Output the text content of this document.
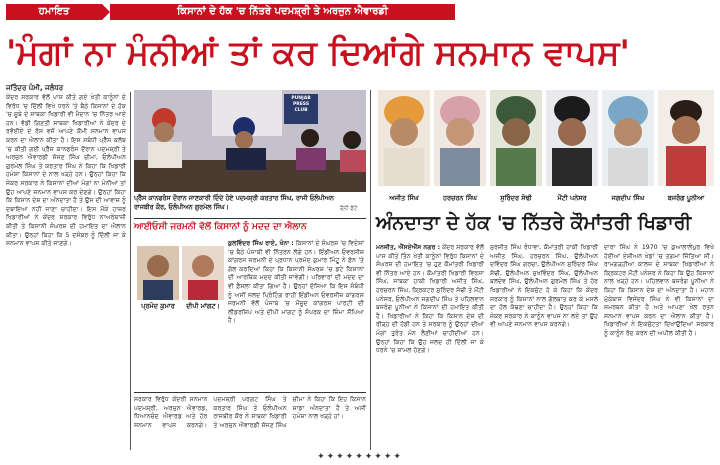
ਹਮਾਇਤ	ਕਿਸਾਨਾਂ ਦੇ ਹੱਕ 'ਚ ਨਿੱਤਰੇ ਪਦਮਸ਼੍ਰੀ ਤੇ ਅਰਜੁਨ ਐਵਾਰਡੀ
'ਮੰਗਾਂ ਨਾ ਮੰਨੀਆਂ ਤਾਂ ਕਰ ਦਿਆਂਗੇ ਸਨਮਾਨ ਵਾਪਸ'
ਜਤਿੰਦਰ ਪੰਮੀ, ਜਲੰਧਰ

ਕੇਂਦਰ ਸਰਕਾਰ ਵੱਲੋਂ ਪਾਸ ਕੀਤੇ ਗਏ ਖੇਤੀ ਕਾਨੂੰਨਾਂ ਦੇ ਵਿਰੋਧ 'ਚ ਦਿੱਲੀ ਵਿਖੇ ਧਰਨੇ 'ਤੇ ਬੈਠੇ ਕਿਸਾਨਾਂ ਦੇ ਹੱਕ 'ਚ ਸੂਬੇ ਦੇ ਸਾਬਕਾ ਖਿਡਾਰੀ ਵੀ ਮੈਦਾਨ 'ਚ ਨਿੱਤਰ ਆਏ ਹਨ। ਵੱਡੀ ਗਿਣਤੀ ਸਾਬਕਾ ਖਿਡਾਰੀਆਂ ਨੇ ਕੇਂਦਰ ਦੇ ਰਵੱਈਏ ਦੇ ਰੋਸ ਵਜੋਂ ਆਪਣੇ ਕੌਮੀ ਸਨਮਾਨ ਵਾਪਸ ਕਰਨ ਦਾ ਐਲਾਨ ਕੀਤਾ ਹੈ। ਇਸ ਸਬੰਧੀ ਪ੍ਰੈੱਸ ਕਲੱਬ 'ਚ ਕੀਤੀ ਗਈ ਪ੍ਰੈੱਸ ਕਾਨਫਰੰਸ ਦੌਰਾਨ ਪਦਮਸ਼੍ਰੀ ਤੇ ਅਰਜੁਨ ਐਵਾਰਡੀ ਸੱਜਣ ਸਿੰਘ ਚੀਮਾ, ਓਲੰਪੀਅਨ ਗੁਰਮੇਲ ਸਿੰਘ ਤੇ ਕਰਤਾਰ ਸਿੰਘ ਨੇ ਕਿਹਾ ਕਿ ਖਿਡਾਰੀ ਹਮੇਸ਼ਾ ਕਿਸਾਨਾਂ ਦੇ ਨਾਲ ਖੜ੍ਹੇ ਹਨ। ਉਨ੍ਹਾਂ ਕਿਹਾ ਕਿ ਜੇਕਰ ਸਰਕਾਰ ਨੇ ਕਿਸਾਨਾਂ ਦੀਆਂ ਮੰਗਾਂ ਨਾ ਮੰਨੀਆਂ ਤਾਂ ਉਹ ਆਪਣੇ ਸਨਮਾਨ ਵਾਪਸ ਕਰ ਦੇਣਗੇ। ਉਨ੍ਹਾਂ ਕਿਹਾ ਕਿ ਕਿਸਾਨ ਦੇਸ਼ ਦਾ ਅੰਨਦਾਤਾ ਹੈ ਤੇ ਉਸ ਦੀ ਆਵਾਜ਼ ਨੂੰ ਦਬਾਇਆ ਨਹੀਂ ਜਾਣਾ ਚਾਹੀਦਾ। ਇਸ ਮੌਕੇ ਹਾਜ਼ਰ ਖਿਡਾਰੀਆਂ ਨੇ ਕੇਂਦਰ ਸਰਕਾਰ ਵਿਰੁੱਧ ਨਾਅਰੇਬਾਜ਼ੀ ਕੀਤੀ ਤੇ ਕਿਸਾਨੀ ਸੰਘਰਸ਼ ਦੀ ਹਮਾਇਤ ਦਾ ਐਲਾਨ ਕੀਤਾ। ਉਨ੍ਹਾਂ ਕਿਹਾ ਕਿ 5 ਦਸੰਬਰ ਨੂੰ ਦਿੱਲੀ ਜਾ ਕੇ ਸਨਮਾਨ ਵਾਪਸ ਕੀਤੇ ਜਾਣਗੇ।

PUNJAB PRESS CLUB
ਪ੍ਰੈੱਸ ਕਾਨਫਰੰਸ ਦੌਰਾਨ ਜਾਣਕਾਰੀ ਦਿੰਦੇ ਹੋਏ ਪਦਮਸ਼੍ਰੀ ਕਰਤਾਰ ਸਿੰਘ, ਰਾਜੀ ਓਲੰਪੀਅਨ ਰਾਜਬੀਰ ਕੌਰ, ਓਲੰਪੀਅਨ ਗੁਰਮੇਲ ਸਿੰਘ।	ਰੌਨੀ ਫੋਟੋ
ਆਈਓਸੀ ਜਰਮਨੀ ਵੱਲੋਂ ਕਿਸਾਨਾਂ ਨੂੰ ਮਦਦ ਦਾ ਐਲਾਨ
ਪ੍ਰਮੋਦ ਕੁਮਾਰ	ਦੀਪੀ ਮਾਂਗਟ।

ਕੁਲਵਿੰਦਰ ਸਿੰਘ ਰਾਏ, ਖੰਨਾ : ਕਿਸਾਨਾਂ ਦੇ ਸੰਘਰਸ਼ 'ਚ ਵਿਦੇਸ਼ਾਂ 'ਚ ਬੈਠੇ ਪੰਜਾਬੀ ਵੀ ਨਿੱਤਰਨ ਲੱਗੇ ਹਨ। ਇੰਡੀਅਨ ਓਵਰਸੀਜ਼ ਕਾਂਗਰਸ ਜਰਮਨੀ ਦੇ ਪ੍ਰਧਾਨ ਪ੍ਰਮੋਦ ਕੁਮਾਰ ਮਿੰਟੂ ਨੇ ਫ਼ੋਨ 'ਤੇ ਗੱਲ ਕਰਦਿਆਂ ਕਿਹਾ ਕਿ ਕਿਸਾਨੀ ਸੰਘਰਸ਼ 'ਚ ਡਟੇ ਕਿਸਾਨਾਂ ਦੀ ਆਰਥਿਕ ਮਦਦ ਕੀਤੀ ਜਾਵੇਗੀ। ਪਰਿਵਾਰਾਂ ਦੀ ਮਦਦ ਦਾ ਵੀ ਫ਼ੈਸਲਾ ਕੀਤਾ ਗਿਆ ਹੈ। ਉਨ੍ਹਾਂ ਦੱਸਿਆ ਕਿ ਇਸ ਸੰਬੰਧੀ ਨੂੰ ਅਸੀਂ ਜਲਦ ਪ੍ਰਿੰਟਿੰਗ ਰਾਹੀਂ ਇੰਡੀਅਨ ਓਵਰਸੀਜ਼ ਕਾਂਗਰਸ ਜਰਮਨੀ ਵੱਲੋਂ ਪੰਜਾਬ 'ਚ ਮੌਜੂਦ ਕਾਂਗਰਸ ਪਾਰਟੀ ਦੀ ਲੀਡਰਸ਼ਿਪ ਅਤੇ ਦੀਪੀ ਮਾਂਗਟ ਨੂੰ ਸੰਪਰਕ ਦਾ ਜ਼ਿੰਮਾ ਸੌਂਪਿਆ ਹੈ।

ਸਰਕਾਰ ਵਿਰੁੱਧ ਕੇਂਦਰੀ ਸਨਮਾਨ ਪਦਮਸ਼੍ਰੀ, ਅਰਜੁਨ ਐਵਾਰਡ, ਧਿਆਨਚੰਦ ਐਵਾਰਡ ਅਤੇ ਹੋਰ ਸਨਮਾਨ ਵਾਪਸ ਕਰਨਗੇ। ਪਦਮਸ਼੍ਰੀ ਪਰਗਟ ਸਿੰਘ ਤੇ ਕਰਤਾਰ ਸਿੰਘ ਤੇ ਓਲੰਪੀਅਨ ਰਾਜਬੀਰ ਕੌਰ ਨੇ ਸਾਬਕਾ ਖਿਡਾਰੀ ਤੇ ਅਰਜੁਨ ਐਵਾਰਡੀ ਸੱਜਣ ਸਿੰਘ ਚੀਮਾ ਨੇ ਕਿਹਾ ਕਿ ਇਹ ਕਿਸਾਨ ਸਾਡਾ ਅੰਨਦਾਤਾ ਹੈ ਤੇ ਅਸੀਂ ਹਮੇਸ਼ਾ ਨਾਲ ਖੜ੍ਹੇ ਹਾਂ।

ਅਜੀਤ ਸਿੰਘ	ਹਰਚਰਨ ਸਿੰਘ	ਸੁਰਿੰਦਰ ਸੋਢੀ	ਮੌਂਟੀ ਪਨੇਸਰ	ਜਗਦੀਪ ਸਿੰਘ	ਬਜਰੰਗ ਪੂਨੀਆ
ਅੰਨਦਾਤਾ ਦੇ ਹੱਕ 'ਚ ਨਿੱਤਰੇ ਕੌਮਾਂਤਰੀ ਖਿਡਾਰੀ

ਮਨਜੀਤ, ਐੱਸਏਐੱਸ ਨਗਰ : ਕੇਂਦਰ ਸਰਕਾਰ ਵੱਲੋਂ ਪਾਸ ਕੀਤੇ ਤਿੰਨ ਖੇਤੀ ਕਾਨੂੰਨਾਂ ਵਿਰੁੱਧ ਕਿਸਾਨਾਂ ਦੇ ਸੰਘਰਸ਼ ਦੀ ਹਮਾਇਤ 'ਚ ਹੁਣ ਕੌਮਾਂਤਰੀ ਖਿਡਾਰੀ ਵੀ ਨਿੱਤਰ ਆਏ ਹਨ। ਕੌਮਾਂਤਰੀ ਖਿਡਾਰੀ ਵਿਰਸਾ ਸਿੰਘ, ਸਾਬਕਾ ਹਾਕੀ ਖਿਡਾਰੀ ਅਜੀਤ ਸਿੰਘ, ਹਰਚਰਨ ਸਿੰਘ, ਕ੍ਰਿਕਟਰ ਸੁਰਿੰਦਰ ਸੋਢੀ ਤੇ ਮੌਂਟੀ ਪਨੇਸਰ, ਓਲੰਪੀਅਨ ਜਗਦੀਪ ਸਿੰਘ ਤੇ ਪਹਿਲਵਾਨ ਬਜਰੰਗ ਪੂਨੀਆ ਨੇ ਕਿਸਾਨਾਂ ਦੀ ਹਮਾਇਤ ਕੀਤੀ ਹੈ। ਖਿਡਾਰੀਆਂ ਨੇ ਕਿਹਾ ਕਿ ਕਿਸਾਨ ਦੇਸ਼ ਦੀ ਰੀੜ੍ਹ ਦੀ ਹੱਡੀ ਹਨ ਤੇ ਸਰਕਾਰ ਨੂੰ ਉਨ੍ਹਾਂ ਦੀਆਂ ਮੰਗਾਂ ਤੁਰੰਤ ਮੰਨ ਲੈਣੀਆਂ ਚਾਹੀਦੀਆਂ ਹਨ। ਉਨ੍ਹਾਂ ਕਿਹਾ ਕਿ ਉਹ ਜਲਦ ਹੀ ਦਿੱਲੀ ਜਾ ਕੇ ਧਰਨੇ 'ਚ ਸ਼ਾਮਲ ਹੋਣਗੇ।

ਸੁਰਜੀਤ ਸਿੰਘ ਰੰਧਾਵਾ, ਕੌਮਾਂਤਰੀ ਹਾਕੀ ਖਿਡਾਰੀ ਅਜੀਤ ਸਿੰਘ, ਹਰਚਰਨ ਸਿੰਘ, ਉਲੰਪੀਅਨ ਦਵਿੰਦਰ ਸਿੰਘ ਗਰਚਾ, ਉਲੰਪੀਅਨ ਸੁਰਿੰਦਰ ਸਿੰਘ ਸੋਢੀ, ਉਲੰਪੀਅਨ ਸੁਖਵਿੰਦਰ ਸਿੰਘ, ਉਲੰਪੀਅਨ ਬਲਦੇਵ ਸਿੰਘ, ਉਲੰਪੀਅਨ ਗੁਰਮੇਲ ਸਿੰਘ ਤੇ ਹੋਰ ਖਿਡਾਰੀਆਂ ਨੇ ਇਕਜੁੱਟ ਹੋ ਕੇ ਕਿਹਾ ਕਿ ਕੇਂਦਰ ਸਰਕਾਰ ਨੂੰ ਕਿਸਾਨਾਂ ਨਾਲ ਗੱਲਬਾਤ ਕਰ ਕੇ ਮਸਲੇ ਦਾ ਹੱਲ ਕੱਢਣਾ ਚਾਹੀਦਾ ਹੈ। ਉਨ੍ਹਾਂ ਕਿਹਾ ਕਿ ਜੇਕਰ ਸਰਕਾਰ ਨੇ ਕਾਨੂੰਨ ਵਾਪਸ ਨਾ ਲਏ ਤਾਂ ਉਹ ਵੀ ਆਪਣੇ ਸਨਮਾਨ ਵਾਪਸ ਕਰਨਗੇ।

ਦਾਰਾ ਸਿੰਘ ਨੇ 1970 'ਚ ਕੁਆਲਾਲੰਪੁਰ ਵਿਖੇ ਹੋਈਆਂ ਏਸ਼ੀਅਨ ਖੇਡਾਂ 'ਚ ਤਗ਼ਮਾ ਜਿੱਤਿਆ ਸੀ। ਰਾਮਗੜ੍ਹੀਆ ਕਾਲਜ ਦੇ ਸਾਬਕਾ ਖਿਡਾਰੀਆਂ ਨੇ ਕ੍ਰਿਕਟਰ ਮੌਂਟੀ ਪਨੇਸਰ ਨੇ ਕਿਹਾ ਕਿ ਉਹ ਕਿਸਾਨਾਂ ਨਾਲ ਖੜ੍ਹੇ ਹਨ। ਪਹਿਲਵਾਨ ਬਜਰੰਗ ਪੂਨੀਆ ਨੇ ਕਿਹਾ ਕਿ ਕਿਸਾਨ ਦੇਸ਼ ਦਾ ਅੰਨਦਾਤਾ ਹੈ। ਮਹਾਨ ਮੁੱਕੇਬਾਜ਼ ਵਿਜੇਂਦਰ ਸਿੰਘ ਨੇ ਵੀ ਕਿਸਾਨਾਂ ਦਾ ਸਮਰਥਨ ਕੀਤਾ ਹੈ ਅਤੇ ਆਪਣਾ ਖੇਲ ਰਤਨ ਸਨਮਾਨ ਵਾਪਸ ਕਰਨ ਦਾ ਐਲਾਨ ਕੀਤਾ ਹੈ। ਖਿਡਾਰੀਆਂ ਨੇ ਇਕਜੁੱਟਤਾ ਦਿਖਾਉਂਦਿਆਂ ਸਰਕਾਰ ਨੂੰ ਕਾਨੂੰਨ ਰੱਦ ਕਰਨ ਦੀ ਅਪੀਲ ਕੀਤੀ ਹੈ।

✦✦✦✦✦✦✦✦✦
